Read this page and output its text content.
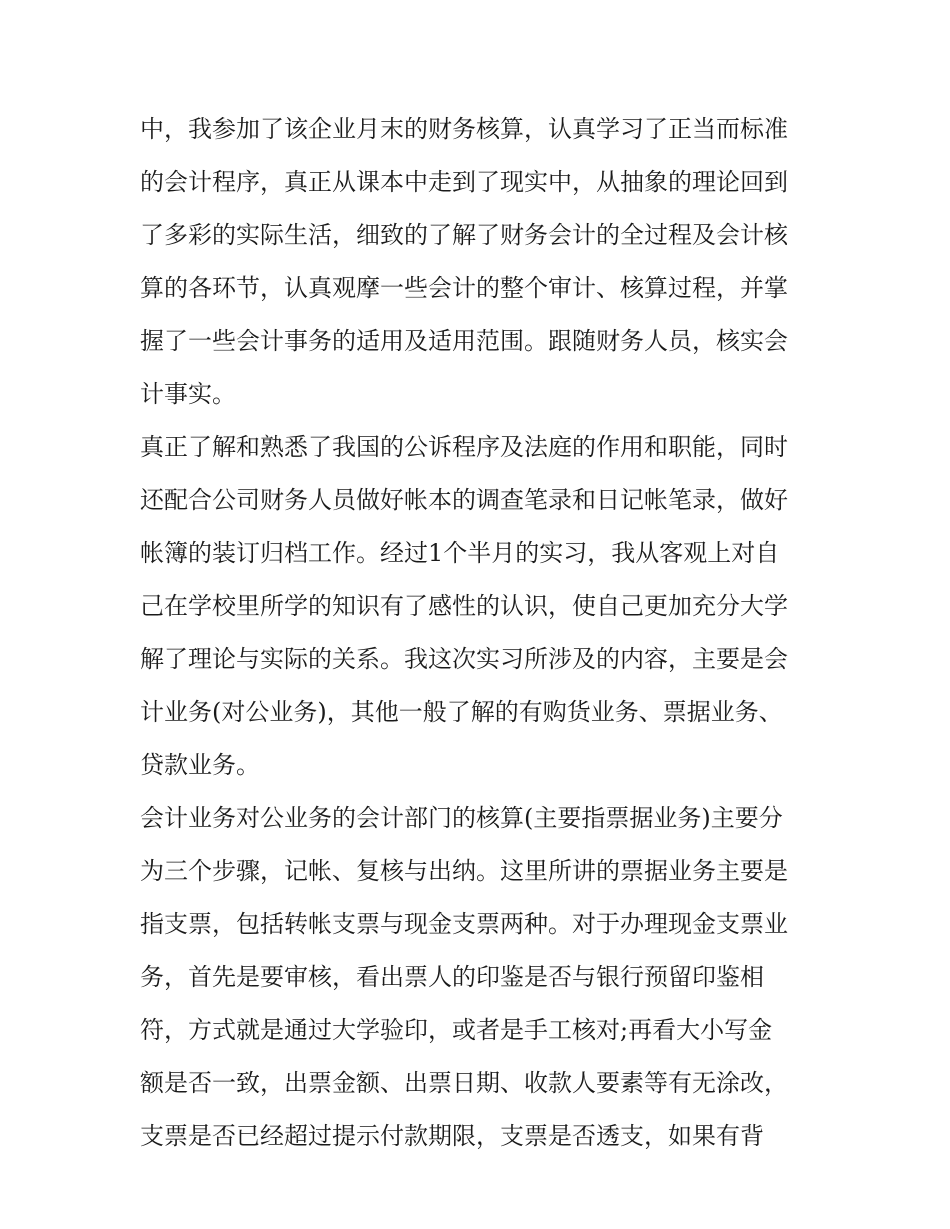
中，我参加了该企业月末的财务核算，认真学习了正当而标准
的会计程序，真正从课本中走到了现实中，从抽象的理论回到
了多彩的实际生活，细致的了解了财务会计的全过程及会计核
算的各环节，认真观摩一些会计的整个审计、核算过程，并掌
握了一些会计事务的适用及适用范围。跟随财务人员，核实会
计事实。
真正了解和熟悉了我国的公诉程序及法庭的作用和职能，同时
还配合公司财务人员做好帐本的调查笔录和日记帐笔录，做好
帐簿的装订归档工作。经过1个半月的实习，我从客观上对自
己在学校里所学的知识有了感性的认识，使自己更加充分大学
解了理论与实际的关系。我这次实习所涉及的内容，主要是会
计业务(对公业务)，其他一般了解的有购货业务、票据业务、
贷款业务。
会计业务对公业务的会计部门的核算(主要指票据业务)主要分
为三个步骤，记帐、复核与出纳。这里所讲的票据业务主要是
指支票，包括转帐支票与现金支票两种。对于办理现金支票业
务，首先是要审核，看出票人的印鉴是否与银行预留印鉴相
符，方式就是通过大学验印，或者是手工核对;再看大小写金
额是否一致，出票金额、出票日期、收款人要素等有无涂改，
支票是否已经超过提示付款期限，支票是否透支，如果有背
